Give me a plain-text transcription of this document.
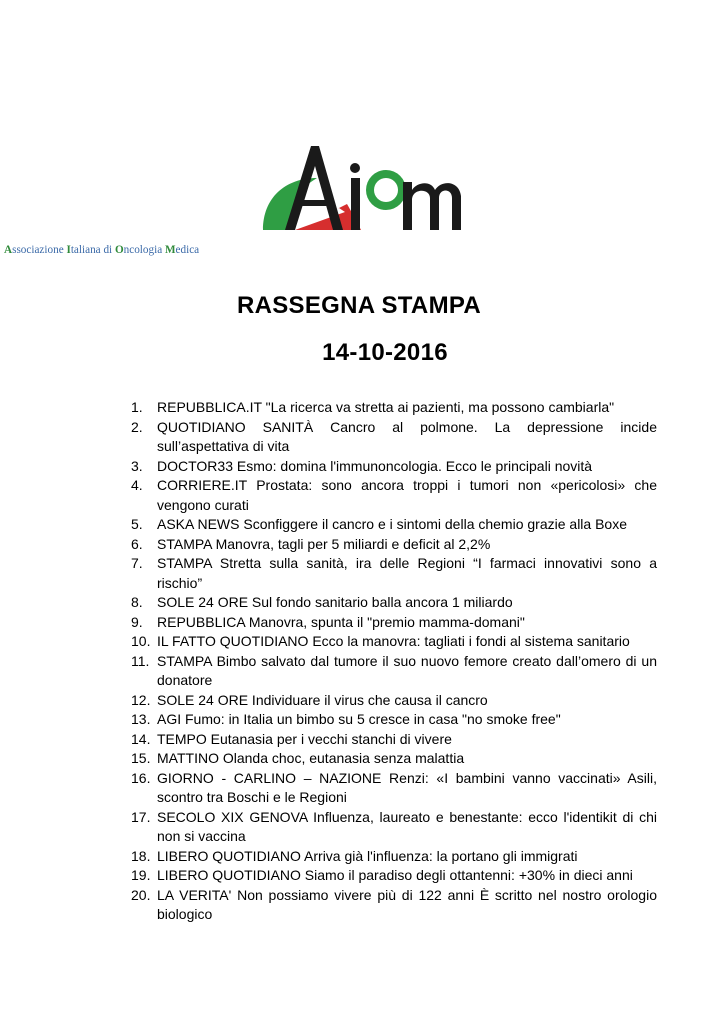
Associazione Italiana di Oncologia Medica
RASSEGNA STAMPA
14-10-2016
1.	REPUBBLICA.IT "La ricerca va stretta ai pazienti, ma possono cambiarla"
2.	QUOTIDIANO SANITÀ Cancro al polmone. La depressione incide sull’aspettativa di vita
3.	DOCTOR33 Esmo: domina l'immunoncologia. Ecco le principali novità
4.	CORRIERE.IT Prostata: sono ancora troppi i tumori non «pericolosi» che vengono curati
5.	ASKA NEWS Sconfiggere il cancro e i sintomi della chemio grazie alla Boxe
6.	STAMPA Manovra, tagli per 5 miliardi e deficit al 2,2%
7.	STAMPA Stretta sulla sanità, ira delle Regioni “I farmaci innovativi sono a rischio”
8.	SOLE 24 ORE Sul fondo sanitario balla ancora 1 miliardo
9.	REPUBBLICA Manovra, spunta il "premio mamma-domani"
10. IL FATTO QUOTIDIANO Ecco la manovra: tagliati i fondi al sistema sanitario
11. STAMPA Bimbo salvato dal tumore il suo nuovo femore creato dall’omero di un donatore
12. SOLE 24 ORE Individuare il virus che causa il cancro
13. AGI Fumo: in Italia un bimbo su 5 cresce in casa "no smoke free"
14. TEMPO Eutanasia per i vecchi stanchi di vivere
15. MATTINO Olanda choc, eutanasia senza malattia
16. GIORNO - CARLINO – NAZIONE Renzi: «I bambini vanno vaccinati» Asili, scontro tra Boschi e le Regioni
17. SECOLO XIX GENOVA Influenza, laureato e benestante: ecco l'identikit di chi non si vaccina
18. LIBERO QUOTIDIANO Arriva già l'influenza: la portano gli immigrati
19. LIBERO QUOTIDIANO Siamo il paradiso degli ottantenni: +30% in dieci anni
20. LA VERITA' Non possiamo vivere più di 122 anni È scritto nel nostro orologio biologico
